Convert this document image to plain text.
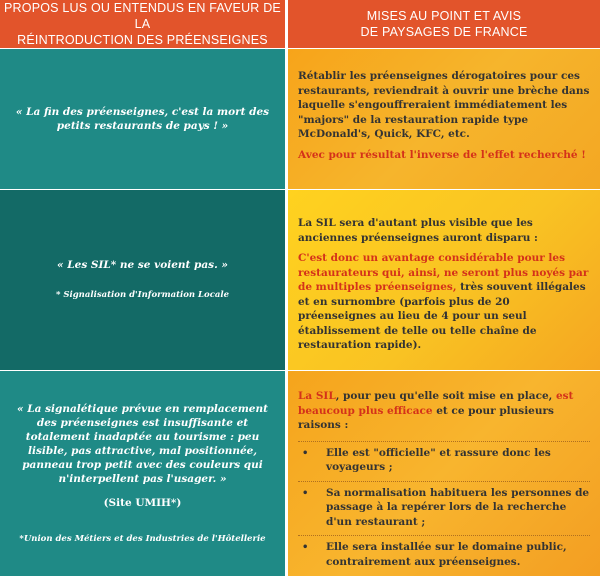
PROPOS LUS OU ENTENDUS EN FAVEUR DE LA
RÉINTRODUCTION DES PRÉENSEIGNES
MISES AU POINT ET AVIS
DE PAYSAGES DE FRANCE
« La fin des préenseignes, c'est la mort des petits restaurants de pays ! »

Rétablir les préenseignes dérogatoires pour ces restaurants, reviendrait à ouvrir une brèche dans laquelle s'engouffreraient immédiatement les "majors" de la restauration rapide type McDonald's, Quick, KFC, etc.

Avec pour résultat l'inverse de l'effet recherché !

« Les SIL* ne se voient pas. »
* Signalisation d'Information Locale

La SIL sera d'autant plus visible que les anciennes préenseignes auront disparu :

C'est donc un avantage considérable pour les restaurateurs qui, ainsi, ne seront plus noyés par de multiples préenseignes, très souvent illégales et en surnombre (parfois plus de 20 préenseignes au lieu de 4 pour un seul établissement de telle ou telle chaîne de restauration rapide).

« La signalétique prévue en remplacement des préenseignes est insuffisante et totalement inadaptée au tourisme : peu lisible, pas attractive, mal positionnée, panneau trop petit avec des couleurs qui n'interpellent pas l'usager. »
(Site UMIH*)
*Union des Métiers et des Industries de l'Hôtellerie

La SIL, pour peu qu'elle soit mise en place, est beaucoup plus efficace et ce pour plusieurs raisons :

• Elle est "officielle" et rassure donc les voyageurs ;
• Sa normalisation habituera les personnes de passage à la repérer lors de la recherche d'un restaurant ;
• Elle sera installée sur le domaine public, contrairement aux préenseignes.
